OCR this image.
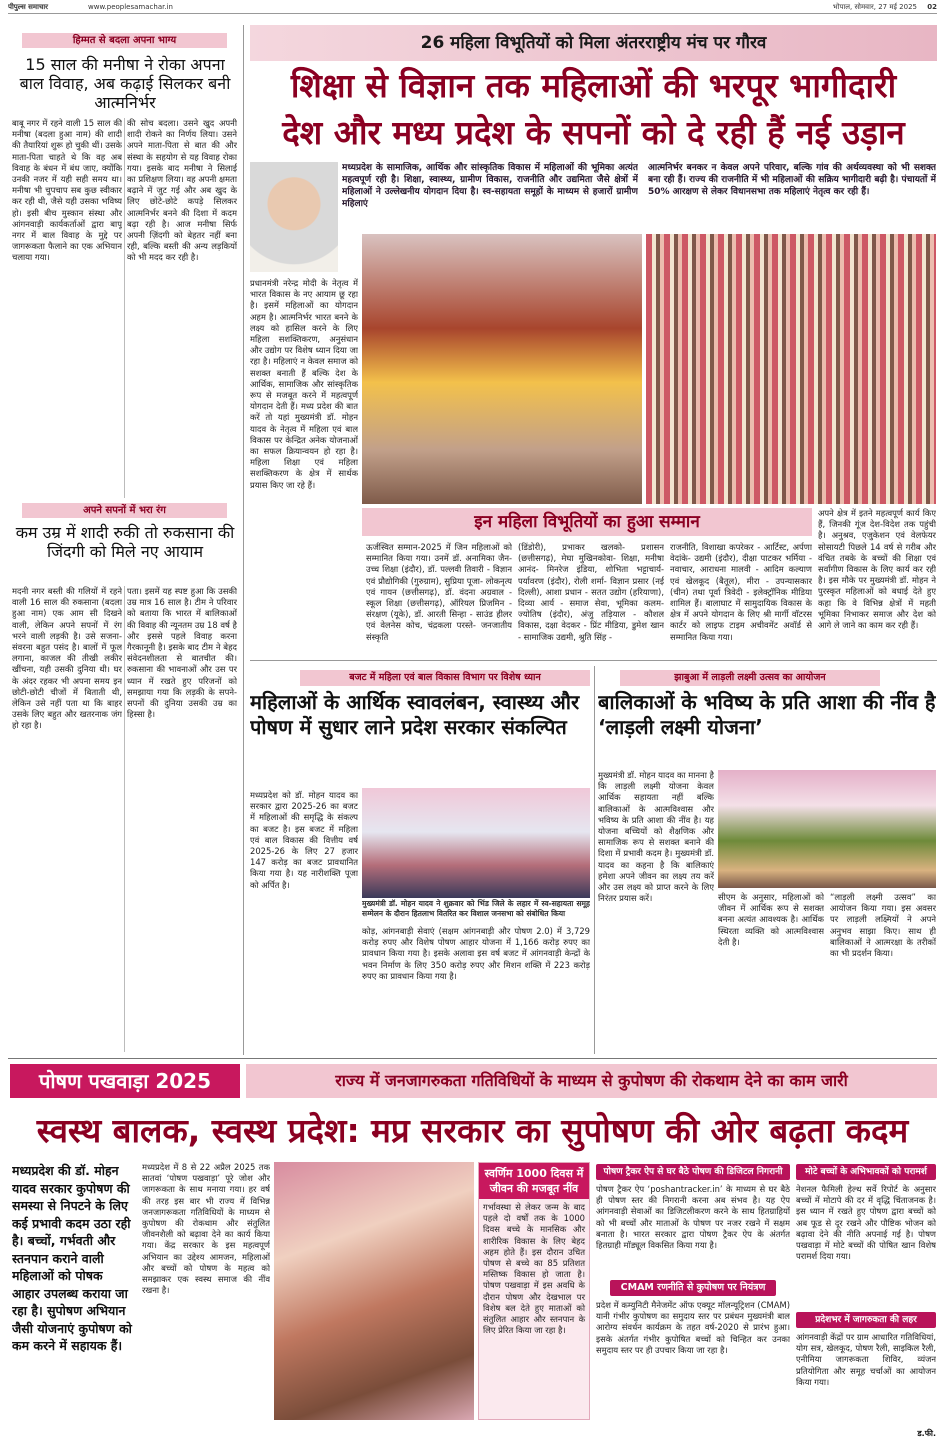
पीपुल्स समाचार	www.peoplesamachar.in	भोपाल, सोमवार, 27 मई 2025 02
हिम्मत से बदला अपना भाग्य
15 साल की मनीषा ने रोका अपना बाल विवाह, अब कढ़ाई सिलकर बनी आत्मनिर्भर
बाबू नगर में रहने वाली 15 साल की मनीषा (बदला हुआ नाम) की शादी की तैयारियां शुरू हो चुकी थीं। उसके माता-पिता चाहते थे कि वह अब विवाह के बंधन में बंध जाए, क्योंकि उनकी नजर में यही सही समय था। मनीषा भी चुपचाप सब कुछ स्वीकार कर रही थी, जैसे यही उसका भविष्य हो। इसी बीच मुस्कान संस्था और आंगनवाड़ी कार्यकर्ताओं द्वारा बापू नगर में बाल विवाह के मुद्दे पर जागरूकता फैलाने का एक अभियान चलाया गया।
की सोच बदला। उसने खुद अपनी शादी रोकने का निर्णय लिया। उसने अपने माता-पिता से बात की और संस्था के सहयोग से यह विवाह रोका गया। इसके बाद मनीषा ने सिलाई का प्रशिक्षण लिया। वह अपनी क्षमता बढ़ाने में जुट गई और अब खुद के लिए छोटे-छोटे कपड़े सिलकर आत्मनिर्भर बनने की दिशा में कदम बढ़ा रही है। आज मनीषा सिर्फ अपनी ज़िंदगी को बेहतर नहीं बना रही, बल्कि बस्ती की अन्य लड़कियों को भी मदद कर रही है।
अपने सपनों में भरा रंग
कम उम्र में शादी रुकी तो रुकसाना की जिंदगी को मिले नए आयाम
मदनी नगर बस्ती की गलियों में रहने वाली 16 साल की रुकसाना (बदला हुआ नाम) एक आम सी दिखने वाली, लेकिन अपने सपनों में रंग भरने वाली लड़की है। उसे सजना-संवरना बहुत पसंद है। बालों में फूल लगाना, काजल की तीखी लकीर खींचना, यही उसकी दुनिया थी। घर के अंदर रहकर भी अपना समय इन छोटी-छोटी चीजों में बिताती थी, लेकिन उसे नहीं पता था कि बाहर उसके लिए बहुत और खतरनाक जंग हो रहा है।
पता। इसमें यह स्पष्ट हुआ कि उसकी उम्र मात्र 16 साल है। टीम ने परिवार को बताया कि भारत में बालिकाओं की विवाह की न्यूनतम उम्र 18 वर्ष है और इससे पहले विवाह करना गैरकानूनी है। इसके बाद टीम ने बेहद संवेदनशीलता से बातचीत की। रुकसाना की भावनाओं और उस पर ध्यान में रखते हुए परिजनों को समझाया गया कि लड़की के सपने-सपनों की दुनिया उसकी उम्र का हिस्सा है।
26 महिला विभूतियों को मिला अंतरराष्ट्रीय मंच पर गौरव
शिक्षा से विज्ञान तक महिलाओं की भरपूर भागीदारी
देश और मध्य प्रदेश के सपनों को दे रही हैं नई उड़ान
मध्यप्रदेश के सामाजिक, आर्थिक और सांस्कृतिक विकास में महिलाओं की भूमिका अत्यंत महत्वपूर्ण रही है। शिक्षा, स्वास्थ्य, ग्रामीण विकास, राजनीति और उद्यमिता जैसे क्षेत्रों में महिलाओं ने उल्लेखनीय योगदान दिया है। स्व-सहायता समूहों के माध्यम से हजारों ग्रामीण महिलाएं
आत्मनिर्भर बनकर न केवल अपने परिवार, बल्कि गांव की अर्थव्यवस्था को भी सशक्त बना रही हैं। राज्य की राजनीति में भी महिलाओं की सक्रिय भागीदारी बढ़ी है। पंचायतों में 50% आरक्षण से लेकर विधानसभा तक महिलाएं नेतृत्व कर रही हैं।
प्रधानमंत्री नरेन्द्र मोदी के नेतृत्व में भारत विकास के नए आयाम छू रहा है। इसमें महिलाओं का योगदान अहम है। आत्मनिर्भर भारत बनने के लक्ष्य को हासिल करने के लिए महिला सशक्तिकरण, अनुसंधान और उद्योग पर विशेष ध्यान दिया जा रहा है। महिलाएं न केवल समाज को सशक्त बनाती हैं बल्कि देश के आर्थिक, सामाजिक और सांस्कृतिक रूप से मजबूत करने में महत्वपूर्ण योगदान देती हैं। मध्य प्रदेश की बात करें तो यहां मुख्यमंत्री डॉ. मोहन यादव के नेतृत्व में महिला एवं बाल विकास पर केन्द्रित अनेक योजनाओं का सफल क्रियान्वयन हो रहा है। महिला शिक्षा एवं महिला सशक्तिकरण के क्षेत्र में सार्थक प्रयास किए जा रहे हैं।
अपने क्षेत्र में इतने महत्वपूर्ण कार्य किए हैं, जिनकी गूंज देश-विदेश तक पहुंची है। अनुश्रव, एजुकेशन एवं वेलफेयर सोसायटी पिछले 14 वर्ष से गरीब और वंचित तबके के बच्चों की शिक्षा एवं सर्वांगीण विकास के लिए कार्य कर रही है। इस मौके पर मुख्यमंत्री डॉ. मोहन ने पुरस्कृत महिलाओं को बधाई देते हुए कहा कि वे विभिन्न क्षेत्रों में महती भूमिका निभाकर समाज और देश को आगे ले जाने का काम कर रही हैं।
इन महिला विभूतियों का हुआ सम्मान
ऊर्जस्वित सम्मान-2025 में जिन महिलाओं को सम्मानित किया गया। उनमें डॉ. अनामिका जैन- उच्च शिक्षा (इंदौर), डॉ. पल्लवी तिवारी - विज्ञान एवं प्रौद्योगिकी (गुरुग्राम), सुप्रिया पूजा- लोकनृत्य एवं गायन (छत्तीसगढ़), डॉ. वंदना अग्रवाल - स्कूल शिक्षा (छत्तीसगढ़), ऑरियल प्रिजमिन - संरक्षण (यूके), डॉ. आरती सिन्हा - साउंड हीलर एवं वेलनेस कोच, चंद्रकला परस्ते- जनजातीय संस्कृति
(डिंडोरी), प्रभाकर खलको- प्रशासन (छत्तीसगढ़), मेघा मुखिनकोवा- शिक्षा, मनीषा आनंद- मिनरेज इंडिया, शोभिता भट्टाचार्य- पर्यावरण (इंदौर), रोली शर्मा- विज्ञान प्रसार (नई दिल्ली), आशा प्रधान - सतत उद्योग (हरियाणा), दिव्या आर्य - समाज सेवा, भूमिका कलम- ज्योतिष (इंदौर), अंजु तड़ियाल - कौशल विकास, दक्षा वेदकर - प्रिंट मीडिया, डुमेश खान - सामाजिक उद्यमी, श्रुति सिंह -
राजनीति, विशाखा कपरेकर - आर्टिस्ट, अर्पणा वेदांके- उद्यमी (इंदौर), दीक्षा पाटकर भर्मिया - नवाचार, आराधना मालवी - आदिम कल्याण एवं खेलकूद (बैतूल), मीरा - उपन्यासकार (चीन) तथा पूर्वा त्रिवेदी - इलेक्ट्रॉनिक मीडिया शामिल हैं। बालाघाट में सामुदायिक विकास के क्षेत्र में अपने योगदान के लिए श्री मार्गी वॉटरस कार्टर को लाइफ टाइम अचीवमेंट अवॉर्ड से सम्मानित किया गया।
बजट में महिला एवं बाल विकास विभाग पर विशेष ध्यान
महिलाओं के आर्थिक स्वावलंबन, स्वास्थ्य और पोषण में सुधार लाने प्रदेश सरकार संकल्पित
मुख्यमंत्री डॉ. मोहन यादव ने शुक्रवार को भिंड जिले के लहार में स्व-सहायता समूह सम्मेलन के दौरान हितलाभ वितरित कर विशाल जनसभा को संबोधित किया
मध्यप्रदेश को डॉ. मोहन यादव का सरकार द्वारा 2025-26 का बजट में महिलाओं की समृद्धि के संकल्प का बजट है। इस बजट में महिला एवं बाल विकास की वित्तीय वर्ष 2025-26 के लिए 27 हजार 147 करोड़ का बजट प्रावधानित किया गया है। यह नारीशक्ति पूजा को अर्पित है।
कोड़, आंगनबाड़ी सेवाएं (सक्षम आंगनबाड़ी और पोषण 2.0) में 3,729 करोड़ रुपए और विशेष पोषण आहार योजना में 1,166 करोड़ रुपए का प्रावधान किया गया है। इसके अलावा इस वर्ष बजट में आंगनवाड़ी केन्द्रों के भवन निर्माण के लिए 350 करोड़ रुपए और मिशन शक्ति में 223 करोड़ रुपए का प्रावधान किया गया है।
झाबुआ में लाड़ली लक्ष्मी उत्सव का आयोजन
बालिकाओं के भविष्य के प्रति आशा की नींव है ‘लाड़ली लक्ष्मी योजना’
मुख्यमंत्री डॉ. मोहन यादव का मानना है कि लाड़ली लक्ष्मी योजना केवल आर्थिक सहायता नहीं बल्कि बालिकाओं के आत्मविश्वास और भविष्य के प्रति आशा की नींव है। यह योजना बच्चियों को शैक्षणिक और सामाजिक रूप से सशक्त बनाने की दिशा में प्रभावी कदम है। मुख्यमंत्री डॉ. यादव का कहना है कि बालिकाएं हमेशा अपने जीवन का लक्ष्य तय करें और उस लक्ष्य को प्राप्त करने के लिए निरंतर प्रयास करें।	सीएम के अनुसार, महिलाओं को जीवन में आर्थिक रूप से सशक्त बनना अत्यंत आवश्यक है। आर्थिक स्थिरता व्यक्ति को आत्मविश्वास देती है।
“लाड़ली लक्ष्मी उत्सव” का आयोजन किया गया। इस अवसर पर लाड़ली लक्ष्मियों ने अपने अनुभव साझा किए। साथ ही बालिकाओं ने आत्मरक्षा के तरीकों का भी प्रदर्शन किया।
पोषण पखवाड़ा 2025	राज्य में जनजागरुकता गतिविधियों के माध्यम से कुपोषण की रोकथाम देने का काम जारी
स्वस्थ बालक, स्वस्थ प्रदेश: मप्र सरकार का सुपोषण की ओर बढ़ता कदम
मध्यप्रदेश की डॉ. मोहन यादव सरकार कुपोषण की समस्या से निपटने के लिए कई प्रभावी कदम उठा रही है। बच्चों, गर्भवती और स्तनपान कराने वाली महिलाओं को पोषक आहार उपलब्ध कराया जा रहा है। सुपोषण अभियान जैसी योजनाएं कुपोषण को कम करने में सहायक हैं।
मध्यप्रदेश में 8 से 22 अप्रैल 2025 तक सातवां ‘पोषण पखवाड़ा’ पूरे जोश और जागरूकता के साथ मनाया गया। हर वर्ष की तरह इस बार भी राज्य में विभिन्न जनजागरूकता गतिविधियों के माध्यम से कुपोषण की रोकथाम और संतुलित जीवनशैली को बढ़ावा देने का कार्य किया गया। केंद्र सरकार के इस महत्वपूर्ण अभियान का उद्देश्य आमजन, महिलाओं और बच्चों को पोषण के महत्व को समझाकर एक स्वस्थ समाज की नींव रखना है।
स्वर्णिम 1000 दिवस में जीवन की मजबूत नींव
गर्भावस्था से लेकर जन्म के बाद पहले दो वर्षों तक के 1000 दिवस बच्चे के मानसिक और शारीरिक विकास के लिए बेहद अहम होते हैं। इस दौरान उचित पोषण से बच्चे का 85 प्रतिशत मस्तिष्क विकास हो जाता है। पोषण पखवाड़ा में इस अवधि के दौरान पोषण और देखभाल पर विशेष बल देते हुए माताओं को संतुलित आहार और स्तनपान के लिए प्रेरित किया जा रहा है।
पोषण ट्रैकर ऐप से घर बैठे पोषण की डिजिटल निगरानी
पोषण ट्रैकर ऐप ‘poshantracker.in’ के माध्यम से घर बैठे ही पोषण स्तर की निगरानी करना अब संभव है। यह ऐप आंगनवाड़ी सेवाओं का डिजिटलीकरण करने के साथ हितग्राहियों को भी बच्चों और माताओं के पोषण पर नजर रखने में सक्षम बनाता है। भारत सरकार द्वारा पोषण ट्रैकर ऐप के अंतर्गत हितग्राही मॉड्यूल विकसित किया गया है।
CMAM रणनीति से कुपोषण पर नियंत्रण
प्रदेश में कम्युनिटी मैनेजमेंट ऑफ एक्यूट मॉलन्यूट्रिशन (CMAM) यानी गंभीर कुपोषण का समुदाय स्तर पर प्रबंधन मुख्यमंत्री बाल आरोग्य संवर्धन कार्यक्रम के तहत वर्ष-2020 से प्रारंभ हुआ। इसके अंतर्गत गंभीर कुपोषित बच्चों को चिन्हित कर उनका समुदाय स्तर पर ही उपचार किया जा रहा है।
मोटे बच्चों के अभिभावकों को परामर्श
नेशनल फैमिली हेल्थ सर्वे रिपोर्ट के अनुसार बच्चों में मोटापे की दर में वृद्धि चिंताजनक है। इस ध्यान में रखते हुए पोषण द्वारा बच्चों को अब फूड से दूर रखने और पौष्टिक भोजन को बढ़ावा देने की नीति अपनाई गई है। पोषण पखवाड़ा में मोटे बच्चों की पोषित खान विशेष परामर्श दिया गया।
प्रदेशभर में जागरुकता की लहर
आंगनवाड़ी केंद्रों पर ग्राम आधारित गतिविधियां, योग सत्र, खेलकूद, पोषण रैली, साइकिल रैली, एनीमिया जागरूकता शिविर, व्यंजन प्रतियोगिता और समूह चर्चाओं का आयोजन किया गया।
ड.फी.
